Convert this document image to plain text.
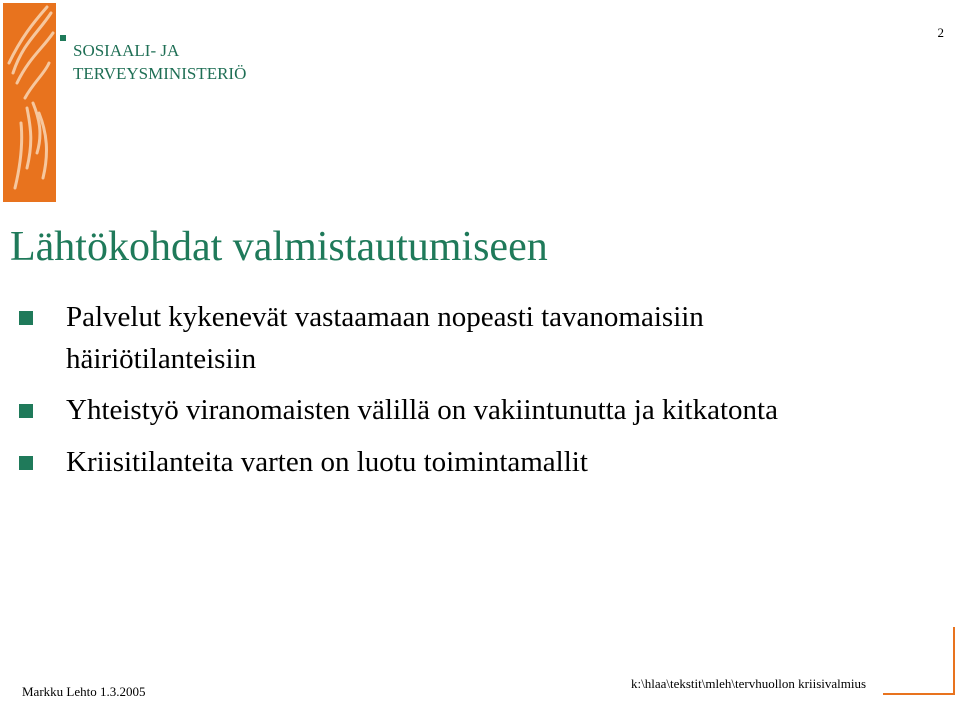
SOSIAALI- JA
TERVEYSMINISTERIÖ
2
Lähtökohdat valmistautumiseen
Palvelut kykenevät vastaamaan nopeasti tavanomaisiin
häiriötilanteisiin
Yhteistyö viranomaisten välillä on vakiintunutta ja kitkatonta
Kriisitilanteita varten on luotu toimintamallit
Markku Lehto 1.3.2005
k:\hlaa\tekstit\mleh\tervhuollon kriisivalmius
